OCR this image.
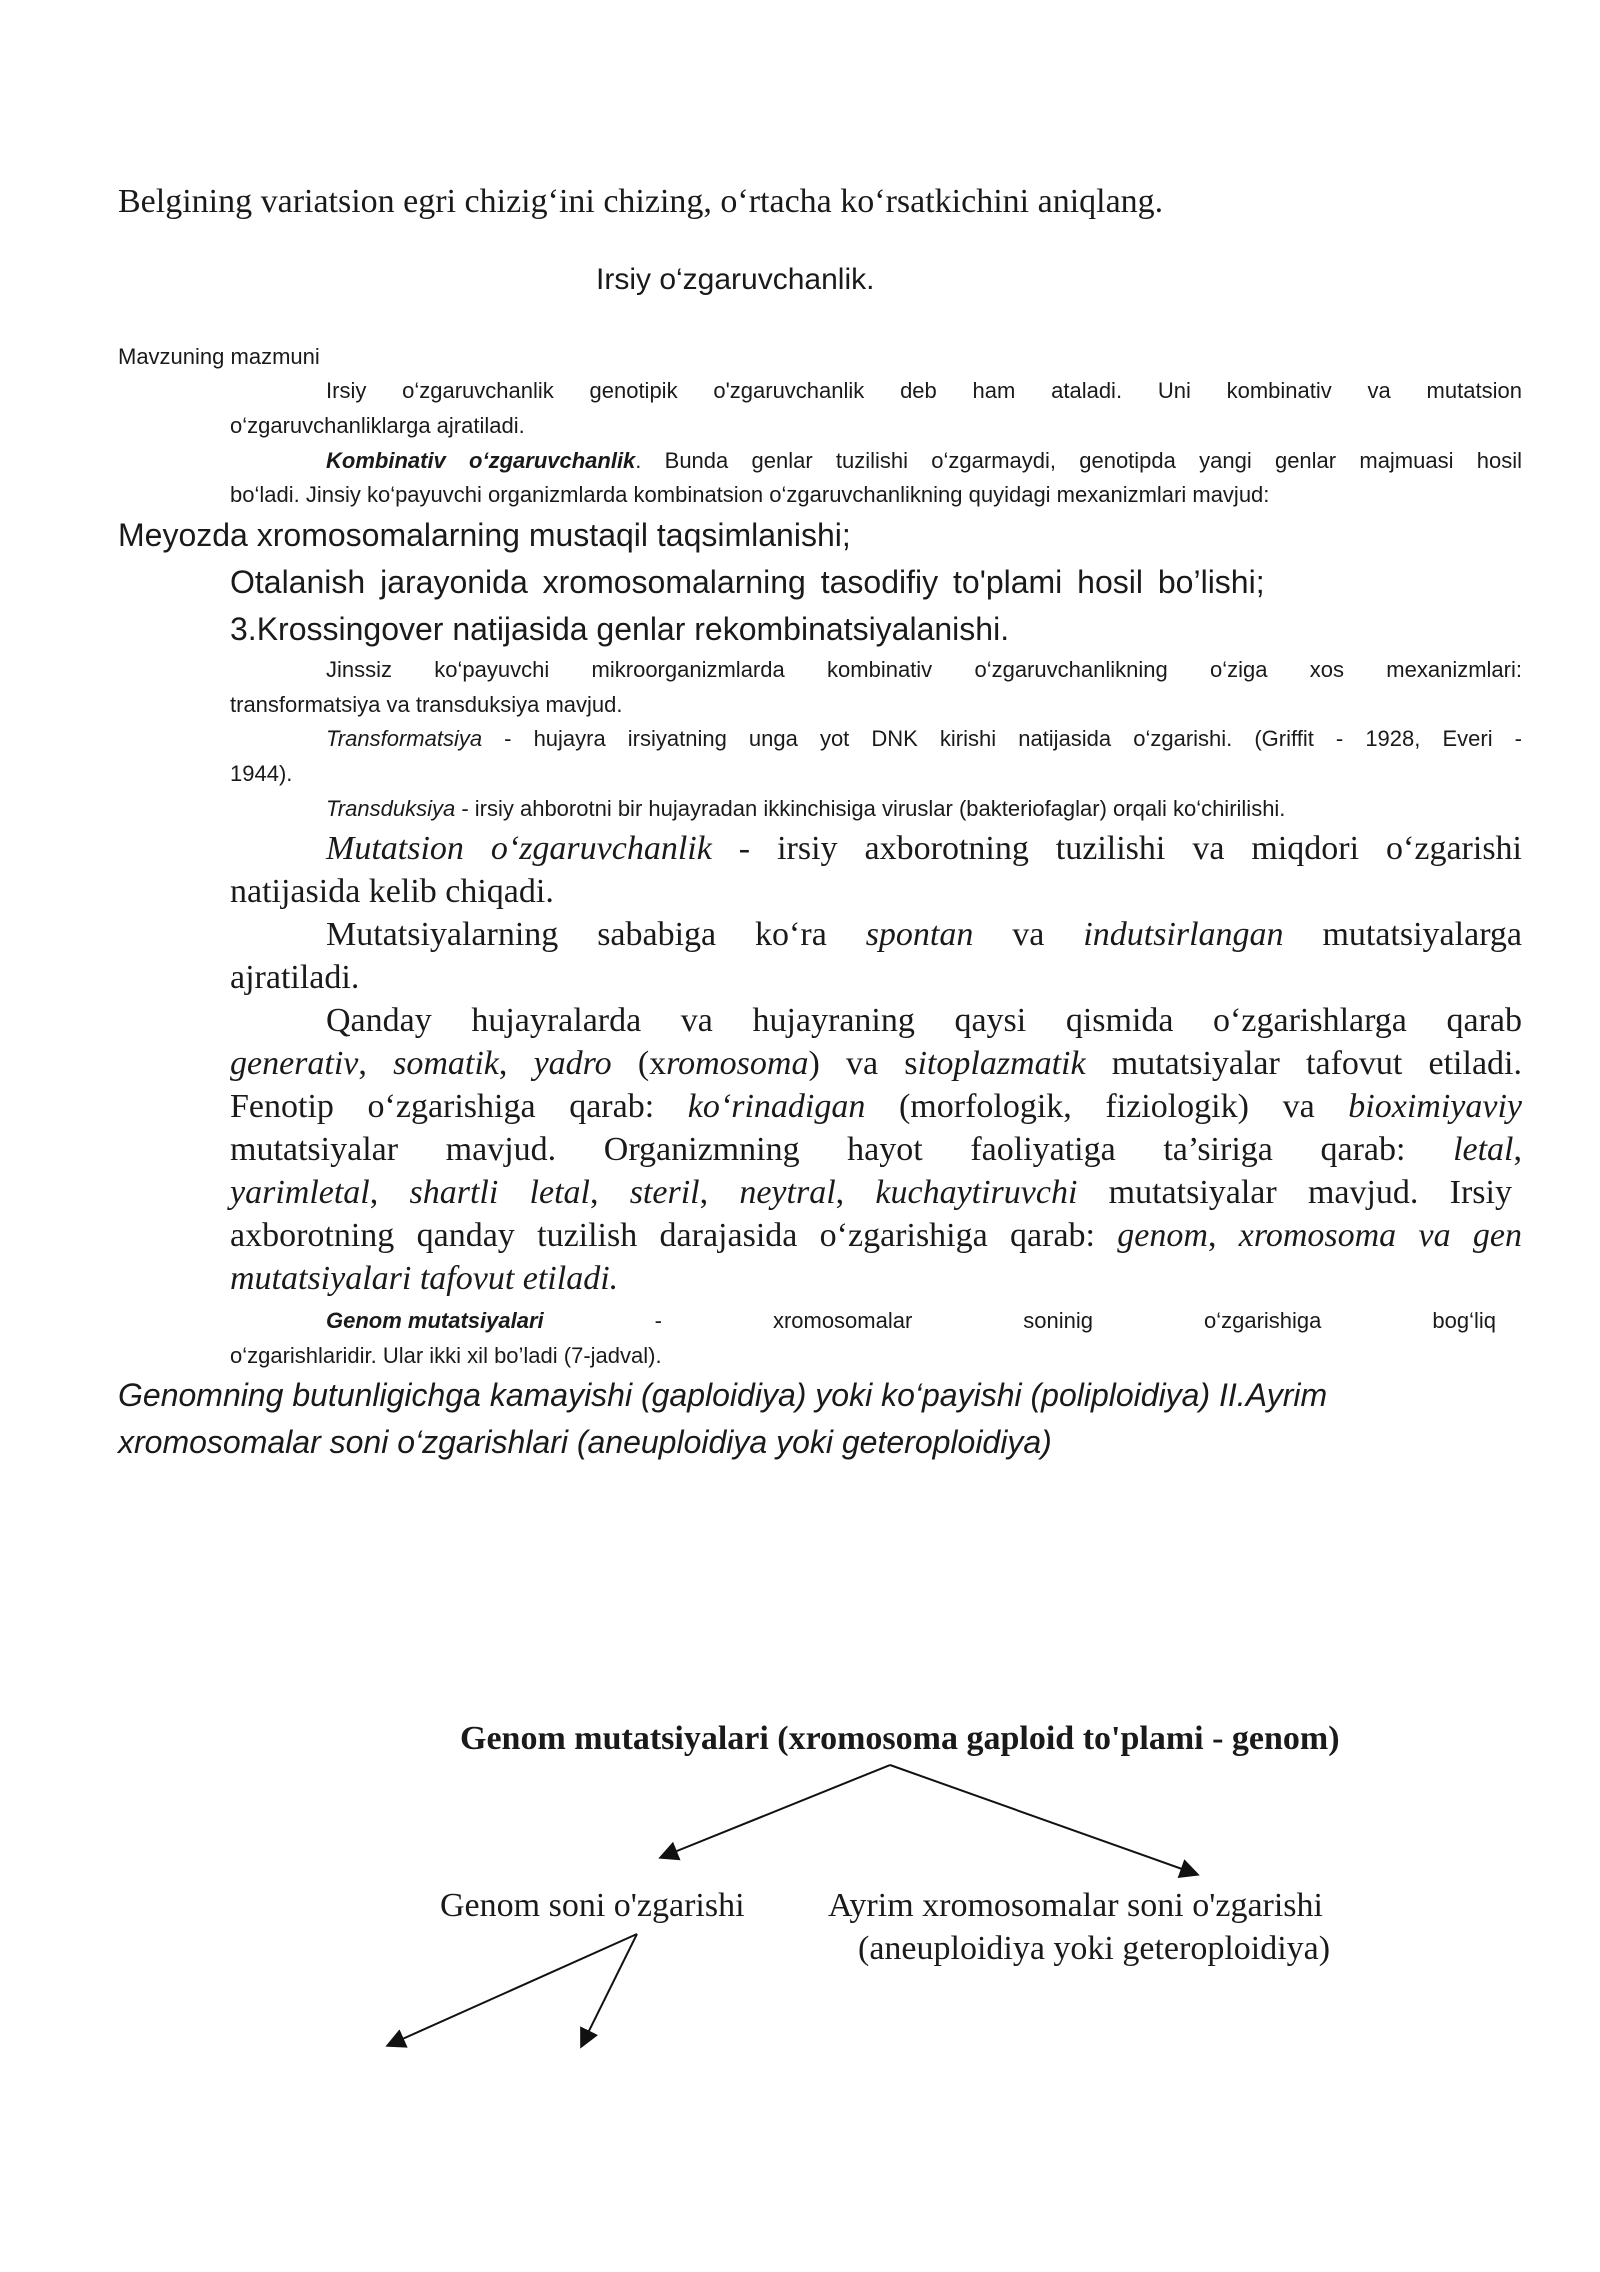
Belgining variatsion egri chizig‘ini chizing, o‘rtacha ko‘rsatkichini aniqlang.
Irsiy o‘zgaruvchanlik.
Mavzuning mazmuni
Irsiy o‘zgaruvchanlik genotipik o'zgaruvchanlik deb ham ataladi. Uni kombinativ va mutatsion
o‘zgaruvchanliklarga ajratiladi.
Kombinativ o‘zgaruvchanlik. Bunda genlar tuzilishi o‘zgarmaydi, genotipda yangi genlar majmuasi hosil
bo‘ladi. Jinsiy ko‘payuvchi organizmlarda kombinatsion o‘zgaruvchanlikning quyidagi mexanizmlari mavjud:
Meyozda xromosomalarning mustaqil taqsimlanishi;
Otalanish jarayonida xromosomalarning tasodifiy to'plami hosil bo’lishi;
3.Krossingover natijasida genlar rekombinatsiyalanishi.
Jinssiz ko‘payuvchi mikroorganizmlarda kombinativ o‘zgaruvchanlikning o‘ziga xos mexanizmlari:
transformatsiya va transduksiya mavjud.
Transformatsiya - hujayra irsiyatning unga yot DNK kirishi natijasida o‘zgarishi. (Griffit - 1928, Everi -
1944).
Transduksiya - irsiy ahborotni bir hujayradan ikkinchisiga viruslar (bakteriofaglar) orqali ko‘chirilishi.
Mutatsion o‘zgaruvchanlik - irsiy axborotning tuzilishi va miqdori o‘zgarishi
natijasida kelib chiqadi.
Mutatsiyalarning sababiga ko‘ra spontan va indutsirlangan mutatsiyalarga
ajratiladi.
Qanday hujayralarda va hujayraning qaysi qismida o‘zgarishlarga qarab
generativ, somatik, yadro (xromosoma) va sitoplazmatik mutatsiyalar tafovut etiladi.
Fenotip o‘zgarishiga qarab: ko‘rinadigan (morfologik, fiziologik) va bioximiyaviy
mutatsiyalar mavjud. Organizmning hayot faoliyatiga ta’siriga qarab: letal,
yarimletal, shartli letal, steril, neytral, kuchaytiruvchi mutatsiyalar mavjud. Irsiy
axborotning qanday tuzilish darajasida o‘zgarishiga qarab: genom, xromosoma va gen
mutatsiyalari tafovut etiladi.
Genom mutatsiyalari	-	xromosomalar	soninig	o‘zgarishiga	bog‘liq
o‘zgarishlaridir. Ular ikki xil bo’ladi (7-jadval).
Genomning butunligichga kamayishi (gaploidiya) yoki ko‘payishi (poliploidiya) II.Ayrim
xromosomalar soni o‘zgarishlari (aneuploidiya yoki geteroploidiya)
Genom mutatsiyalari (xromosoma gaploid to'plami - genom)
Genom soni o'zgarishi Ayrim xromosomalar soni o'zgarishi
(aneuploidiya yoki geteroploidiya)
